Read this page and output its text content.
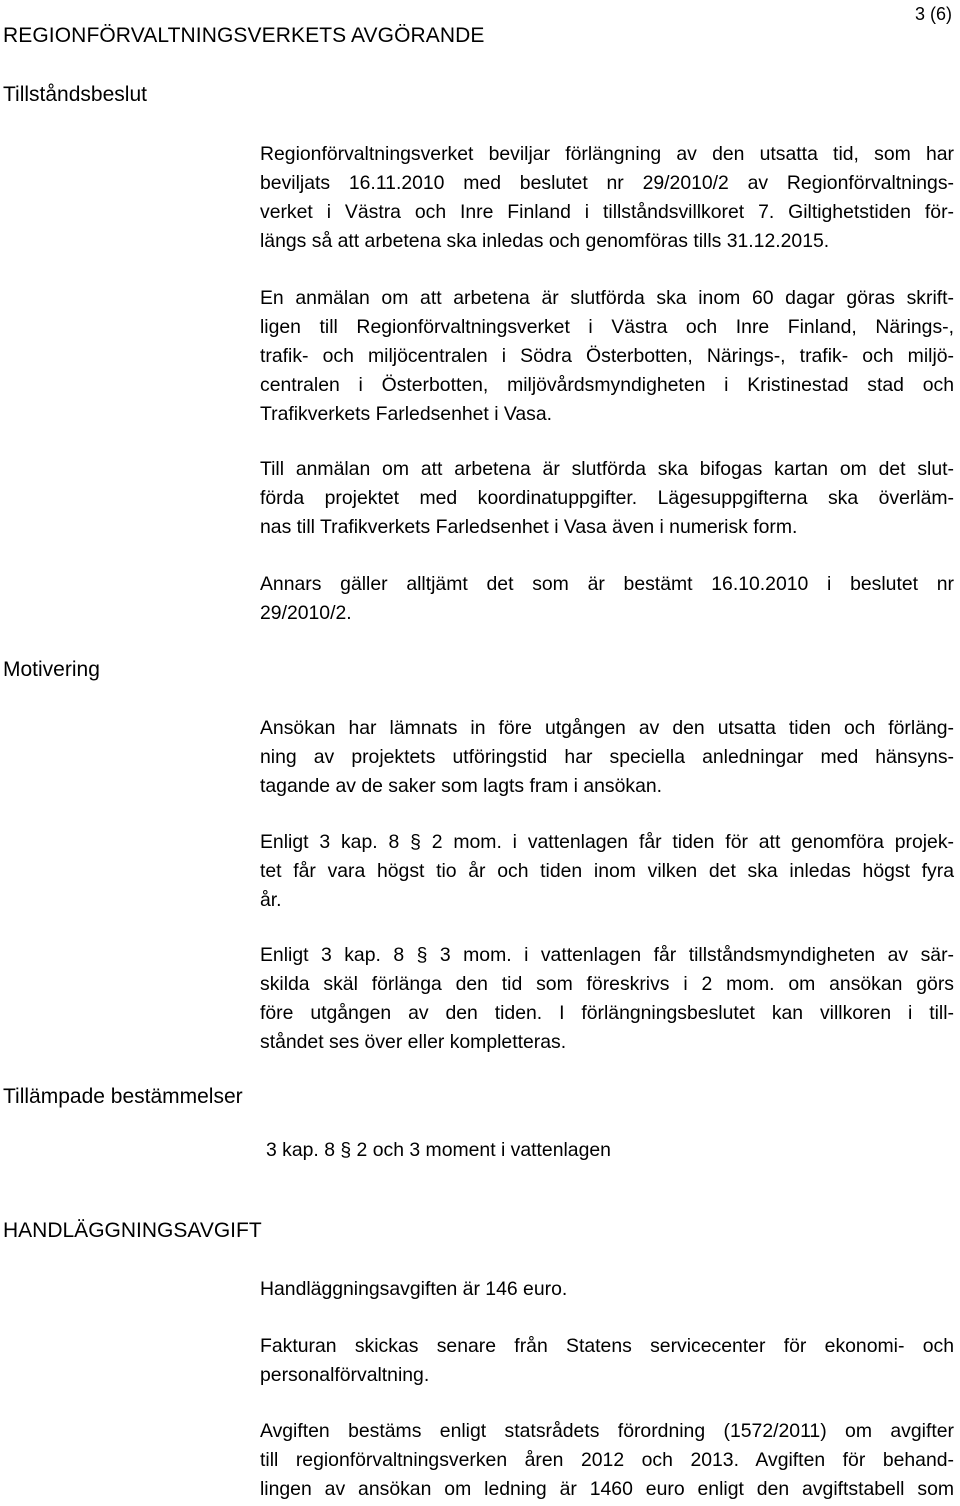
REGIONFÖRVALTNINGSVERKETS AVGÖRANDE
3 (6)
Tillståndsbeslut
Regionförvaltningsverket beviljar förlängning av den utsatta tid, som har
beviljats 16.11.2010 med beslutet nr 29/2010/2 av Regionförvaltnings-
verket i Västra och Inre Finland i tillståndsvillkoret 7. Giltighetstiden för-
längs så att arbetena ska inledas och genomföras tills 31.12.2015.
En anmälan om att arbetena är slutförda ska inom 60 dagar göras skrift-
ligen till Regionförvaltningsverket i Västra och Inre Finland, Närings-,
trafik- och miljöcentralen i Södra Österbotten, Närings-, trafik- och miljö-
centralen i Österbotten, miljövårdsmyndigheten i Kristinestad stad och
Trafikverkets Farledsenhet i Vasa.
Till anmälan om att arbetena är slutförda ska bifogas kartan om det slut-
förda projektet med koordinatuppgifter. Lägesuppgifterna ska överläm-
nas till Trafikverkets Farledsenhet i Vasa även i numerisk form.
Annars gäller alltjämt det som är bestämt 16.10.2010 i beslutet nr
29/2010/2.
Motivering
Ansökan har lämnats in före utgången av den utsatta tiden och förläng-
ning av projektets utföringstid har speciella anledningar med hänsyns-
tagande av de saker som lagts fram i ansökan.
Enligt 3 kap. 8 § 2 mom. i vattenlagen får tiden för att genomföra projek-
tet får vara högst tio år och tiden inom vilken det ska inledas högst fyra
år.
Enligt 3 kap. 8 § 3 mom. i vattenlagen får tillståndsmyndigheten av sär-
skilda skäl förlänga den tid som föreskrivs i 2 mom. om ansökan görs
före utgången av den tiden. I förlängningsbeslutet kan villkoren i till-
ståndet ses över eller kompletteras.
Tillämpade bestämmelser
3 kap. 8 § 2 och 3 moment i vattenlagen
HANDLÄGGNINGSAVGIFT
Handläggningsavgiften är 146 euro.
Fakturan skickas senare från Statens servicecenter för ekonomi- och
personalförvaltning.
Avgiften bestäms enligt statsrådets förordning (1572/2011) om avgifter
till regionförvaltningsverken åren 2012 och 2013. Avgiften för behand-
lingen av ansökan om ledning är 1460 euro enligt den avgiftstabell som
